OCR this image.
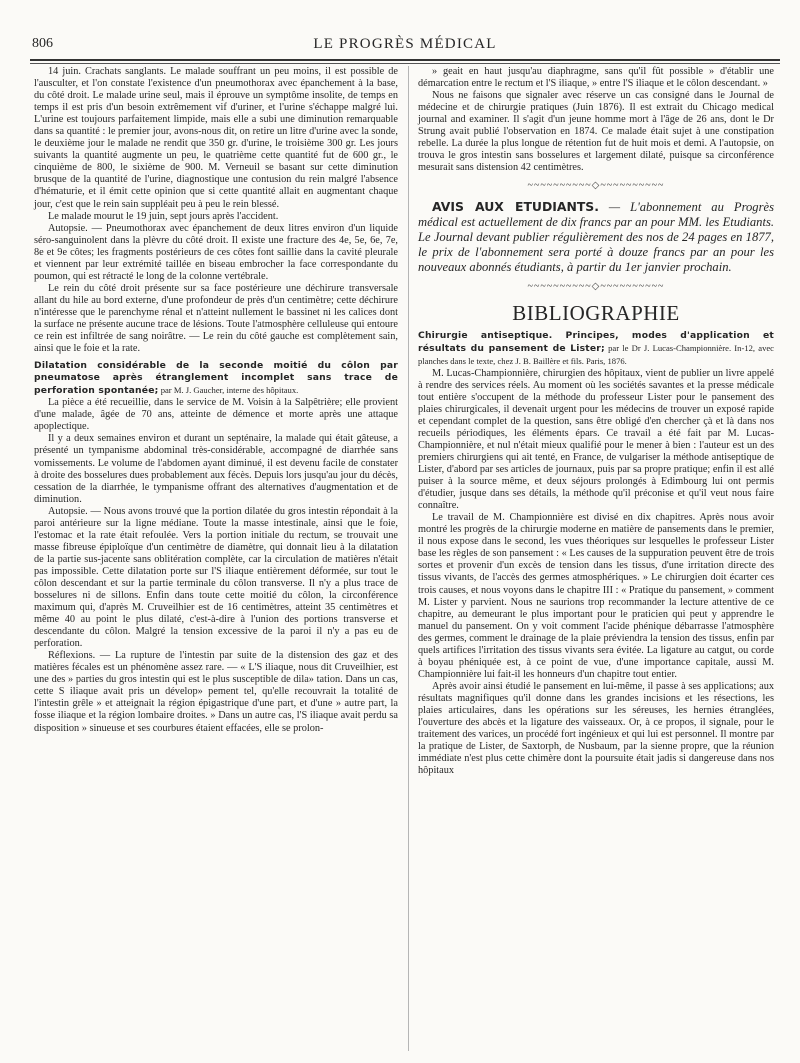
806	LE PROGRÈS MÉDICAL

14 juin. Crachats sanglants. Le malade souffrant un peu moins, il est possible de l'ausculter, et l'on constate l'existence d'un pneumothorax avec épanchement à la base, du côté droit. Le malade urine seul, mais il éprouve un symptôme insolite, de temps en temps il est pris d'un besoin extrêmement vif d'uriner, et l'urine s'échappe malgré lui. L'urine est toujours parfaitement limpide, mais elle a subi une diminution remarquable dans sa quantité : le premier jour, avons-nous dit, on retire un litre d'urine avec la sonde, le deuxième jour le malade ne rendit que 350 gr. d'urine, le troisième 300 gr. Les jours suivants la quantité augmente un peu, le quatrième cette quantité fut de 600 gr., le cinquième de 800, le sixième de 900. M. Verneuil se basant sur cette diminution brusque de la quantité de l'urine, diagnostique une contusion du rein malgré l'absence d'hématurie, et il émit cette opinion que si cette quantité allait en augmentant chaque jour, c'est que le rein sain suppléait peu à peu le rein blessé.

Le malade mourut le 19 juin, sept jours après l'accident.

Autopsie. — Pneumothorax avec épanchement de deux litres environ d'un liquide séro-sanguinolent dans la plèvre du côté droit. Il existe une fracture des 4e, 5e, 6e, 7e, 8e et 9e côtes; les fragments postérieurs de ces côtes font saillie dans la cavité pleurale et viennent par leur extrémité taillée en biseau embrocher la face correspondante du poumon, qui est rétracté le long de la colonne vertébrale.

Le rein du côté droit présente sur sa face postérieure une déchirure transversale allant du hile au bord externe, d'une profondeur de près d'un centimètre; cette déchirure n'intéresse que le parenchyme rénal et n'atteint nullement le bassinet ni les calices dont la surface ne présente aucune trace de lésions. Toute l'atmosphère celluleuse qui entoure ce rein est infiltrée de sang noirâtre. — Le rein du côté gauche est complètement sain, ainsi que le foie et la rate.

Dilatation considérable de la seconde moitié du côlon par pneumatose après étranglement incomplet sans trace de perforation spontanée; par M. J. Gaucher, interne des hôpitaux.

La pièce a été recueillie, dans le service de M. Voisin à la Salpêtrière; elle provient d'une malade, âgée de 70 ans, atteinte de démence et morte après une attaque apoplectique.

Il y a deux semaines environ et durant un septénaire, la malade qui était gâteuse, a présenté un tympanisme abdominal très-considérable, accompagné de diarrhée sans vomissements. Le volume de l'abdomen ayant diminué, il est devenu facile de constater à droite des bosselures dues probablement aux fécès. Depuis lors jusqu'au jour du décès, cessation de la diarrhée, le tympanisme offrant des alternatives d'augmentation et de diminution.

Autopsie. — Nous avons trouvé que la portion dilatée du gros intestin répondait à la paroi antérieure sur la ligne médiane. Toute la masse intestinale, ainsi que le foie, l'estomac et la rate était refoulée. Vers la portion initiale du rectum, se trouvait une masse fibreuse épiploïque d'un centimètre de diamètre, qui donnait lieu à la dilatation de la partie sus-jacente sans oblitération complète, car la circulation de matières n'était pas impossible. Cette dilatation porte sur l'S iliaque entièrement déformée, sur tout le côlon descendant et sur la partie terminale du côlon transverse. Il n'y a plus trace de bosselures ni de sillons. Enfin dans toute cette moitié du côlon, la circonférence maximum qui, d'après M. Cruveilhier est de 16 centimètres, atteint 35 centimètres et même 40 au point le plus dilaté, c'est-à-dire à l'union des portions transverse et descendante du côlon. Malgré la tension excessive de la paroi il n'y a pas eu de perforation.

Réflexions. — La rupture de l'intestin par suite de la distension des gaz et des matières fécales est un phénomène assez rare. — « L'S iliaque, nous dit Cruveilhier, est une des » parties du gros intestin qui est le plus susceptible de dila» tation. Dans un cas, cette S iliaque avait pris un dévelop» pement tel, qu'elle recouvrait la totalité de l'intestin grêle » et atteignait la région épigastrique d'une part, et d'une » autre part, la fosse iliaque et la région lombaire droites. » Dans un autre cas, l'S iliaque avait perdu sa disposition » sinueuse et ses courbures étaient effacées, elle se prolon-

» geait en haut jusqu'au diaphragme, sans qu'il fût possible » d'établir une démarcation entre le rectum et l'S iliaque, » entre l'S iliaque et le côlon descendant. »

Nous ne faisons que signaler avec réserve un cas consigné dans le Journal de médecine et de chirurgie pratiques (Juin 1876). Il est extrait du Chicago medical journal and examiner. Il s'agit d'un jeune homme mort à l'âge de 26 ans, dont le Dr Strung avait publié l'observation en 1874. Ce malade était sujet à une constipation rebelle. La durée la plus longue de rétention fut de huit mois et demi. A l'autopsie, on trouva le gros intestin sans bosselures et largement dilaté, puisque sa circonférence mesurait sans distension 42 centimètres.

~~~~~~~~~~◇~~~~~~~~~~

AVIS AUX ETUDIANTS. — L'abonnement au Progrès médical est actuellement de dix francs par an pour MM. les Etudiants. Le Journal devant publier régulièrement des nos de 24 pages en 1877, le prix de l'abonnement sera porté à douze francs par an pour les nouveaux abonnés étudiants, à partir du 1er janvier prochain.

~~~~~~~~~~◇~~~~~~~~~~
BIBLIOGRAPHIE

Chirurgie antiseptique. Principes, modes d'application et résultats du pansement de Lister; par le Dr J. Lucas-Championnière. In-12, avec planches dans le texte, chez J. B. Baillère et fils. Paris, 1876.

M. Lucas-Championnière, chirurgien des hôpitaux, vient de publier un livre appelé à rendre des services réels. Au moment où les sociétés savantes et la presse médicale tout entière s'occupent de la méthode du professeur Lister pour le pansement des plaies chirurgicales, il devenait urgent pour les médecins de trouver un exposé rapide et cependant complet de la question, sans être obligé d'en chercher çà et là dans nos recueils périodiques, les éléments épars. Ce travail a été fait par M. Lucas-Championnière, et nul n'était mieux qualifié pour le mener à bien : l'auteur est un des premiers chirurgiens qui ait tenté, en France, de vulgariser la méthode antiseptique de Lister, d'abord par ses articles de journaux, puis par sa propre pratique; enfin il est allé puiser à la source même, et deux séjours prolongés à Edimbourg lui ont permis d'étudier, jusque dans ses détails, la méthode qu'il préconise et qu'il veut nous faire connaître.

Le travail de M. Championnière est divisé en dix chapitres. Après nous avoir montré les progrès de la chirurgie moderne en matière de pansements dans le premier, il nous expose dans le second, les vues théoriques sur lesquelles le professeur Lister base les règles de son pansement : « Les causes de la suppuration peuvent être de trois sortes et provenir d'un excès de tension dans les tissus, d'une irritation directe des tissus vivants, de l'accès des germes atmosphériques. » Le chirurgien doit écarter ces trois causes, et nous voyons dans le chapitre III : « Pratique du pansement, » comment M. Lister y parvient. Nous ne saurions trop recommander la lecture attentive de ce chapitre, au demeurant le plus important pour le praticien qui peut y apprendre le manuel du pansement. On y voit comment l'acide phénique débarrasse l'atmosphère des germes, comment le drainage de la plaie préviendra la tension des tissus, enfin par quels artifices l'irritation des tissus vivants sera évitée. La ligature au catgut, ou corde à boyau phéniquée est, à ce point de vue, d'une importance capitale, aussi M. Championnière lui fait-il les honneurs d'un chapitre tout entier.

Après avoir ainsi étudié le pansement en lui-même, il passe à ses applications; aux résultats magnifiques qu'il donne dans les grandes incisions et les résections, les plaies articulaires, dans les opérations sur les séreuses, les hernies étranglées, l'ouverture des abcès et la ligature des vaisseaux. Or, à ce propos, il signale, pour le traitement des varices, un procédé fort ingénieux et qui lui est personnel. Il montre par la pratique de Lister, de Saxtorph, de Nusbaum, par la sienne propre, que la réunion immédiate n'est plus cette chimère dont la poursuite était jadis si dangereuse dans nos hôpitaux
